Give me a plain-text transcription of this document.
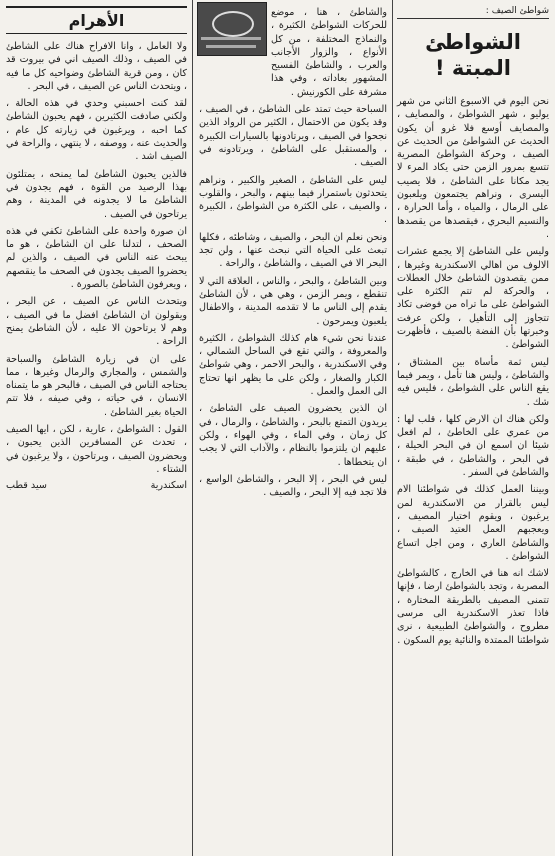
شواطئ الصيف :
الشواطئ المبتة !

نحن اليوم في الاسبوع الثاني من شهر يوليو ، شهر الشواطئ ، والمصايف ، والمصايف أوسع فلا غرو أن يكون الحديث عن الشواطئ من الحديث عن الصيف ، وحركة الشواطئ المصرية تتسع بمرور الزمن حتى يكاد المرء لا يجد مكانا على الشاطئ ، فلا يصيب اليسرى ، ونراهم يجتمعون ويلعبون على الرمال ، والمياه ، وأما الحرارة ، والنسيم البحري ، فيقصدها من يقصدها .

وليس على الشاطئ إلا يجمع عشرات الالوف من اهالي الاسكندرية وغيرها ، ممن يقصدون الشاطئ خلال العطلات ، والحركة لم تتم الكثرة على الشواطئ على ما تراه من فوضى تكاد تتجاوز إلى التأهيل ، ولكن عرفت وخبرتها بأن الفضة بالصيف ، فأظهرت الشواطئ .

ليس ثمة مأساة بين المشتاق ، والشاطئ ، وليس هنا تأمل ، ويمر فيما يقع الناس على الشواطئ ، فليس فيه شك .

ولكن هناك ان الارض كلها ، قلب لها : من عمري على الخاطئ ، لم افعل شيئا ان اسمع ان في البحر الحيلة ، في البحر ، والشاطئ ، في طبقة ، والشاطئ في السفر .

وبيننا العمل كذلك في شواطئنا الام ليس بالقرار من الاسكندرية لمن يرغبون ، ويقوم اختيار المصيف ، ويعجبهم العمل العتيد الصيف ، والشاطئ العاري ، ومن اجل اتساع الشواطئ .

لاشك انه هنا في الخارج ، كالشواطئ المصرية ، وتجد بالشواطئ ارضا ، فإنها تتمنى المصيف بالطريقة المختارة ، فاذا تعذر الاسكندرية الى مرسى مطروح ، والشواطئ الطبيعية ، نرى شواطئنا الممتدة والنائية يوم السكون .

والشاطئ ، هنا ، موضع للحركات الشواطئ الكثيرة ، والنماذج المختلفة ، من كل الأنواع ، والزوار الأجانب والعرب ، والشاطئ الفسيح المشهور بعاداته ، وفي هذا مشرفة على الكورنيش .

السباحة حيث تمتد على الشاطئ ، في الصيف ، وقد يكون من الاحتمال ، الكثير من الرواد الذين نجحوا في الصيف ، ويرتادونها بالسيارات الكبيرة ، والمستقبل على الشاطئ ، ويرتادونه في الصيف .

ليس على الشاطئ ، الصغير والكبير ، ونراهم يتحدثون باستمرار فيما بينهم ، والبحر ، والقلوب ، والصيف ، على الكثرة من الشواطئ ، الكبيرة .

ونحن نعلم ان البحر ، والصيف ، وشاطئه ، فكلها تبعث على الحياة التي نبحث عنها ، ولن تجد البحر الا في الصيف ، والشاطئ ، والراحة .

وبين الشاطئ ، والبحر ، والناس ، العلاقة التي لا تنقطع ، ويمر الزمن ، وهي هي ، لأن الشاطئ يقدم إلى الناس ما لا تقدمه المدينة ، والاطفال يلعبون ويمرحون .

عندنا نحن شيء هام كذلك الشواطئ ، الكثيرة والمعروفة ، والتي تقع في الساحل الشمالي ، وفي الاسكندرية ، والبحر الاحمر ، وهي شواطئ الكبار والصغار ، ولكن على ما يظهر انها تحتاج الى العمل والعمل .

ان الذين يحضرون الصيف على الشاطئ ، يريدون التمتع بالبحر ، والشاطئ ، والرمال ، في كل زمان ، وفي الماء ، وفي الهواء ، ولكن عليهم ان يلتزموا بالنظام ، والآداب التي لا يجب ان يتخطاها .

ليس في البحر ، إلا البحر ، والشاطئ الواسع ، فلا تجد فيه إلا البحر ، والصيف .

الأهرام

ولا العامل ، وانا الافراح هناك على الشاطئ في الصيف ، وذلك الصيف اني في بيروت قد كان ، ومن قرية الشاطئ وضواحيه كل ما فيه ، ويتحدث الناس عن الصيف ، في البحر .

لقد كنت احسبني وحدي في هذه الحالة ، ولكني صادفت الكثيرين ، فهم يحبون الشاطئ كما احبه ، ويرغبون في زيارته كل عام ، والحديث عنه ، ووصفه ، لا ينتهي ، والراحة في الصيف اشد .

فالذين يحبون الشاطئ لما يمنحه ، يمتلئون بهذا الرصيد من القوة ، فهم يجدون في الشاطئ ما لا يجدونه في المدينة ، وهم يرتاحون في الصيف .

ان صورة واحدة على الشاطئ تكفي في هذه الصحف ، لتدلنا على ان الشاطئ ، هو ما يبحث عنه الناس في الصيف ، والذين لم يحضروا الصيف يجدون في الصحف ما ينقصهم ، ويعرفون الشاطئ بالصورة .

ويتحدث الناس عن الصيف ، عن البحر ، ويقولون ان الشاطئ افضل ما في الصيف ، وهم لا يرتاحون الا عليه ، لأن الشاطئ يمنح الراحة .

على ان في زيارة الشاطئ والسباحة والشمس ، والمجاري والرمال وغيرها ، مما يحتاجه الناس في الصيف ، فالبحر هو ما يتمناه الانسان ، في حياته ، وفي صيفه ، فلا تتم الحياة بغير الشاطئ .

القول : الشواطئ ، عارية ، لكن ، ايها الصيف ، تحدث عن المسافرين الذين يحبون ، ويحضرون الصيف ، ويرتاحون ، ولا يرغبون في الشتاء .

اسكندرية
سيد قطب
